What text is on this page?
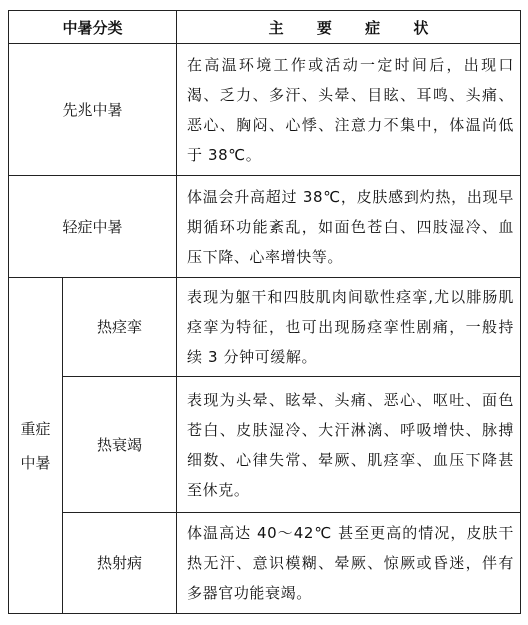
中暑分类		主 要 症 状
先兆中暑		在高温环境工作或活动一定时间后，出现口渴、乏力、多汗、头晕、目眩、耳鸣、头痛、恶心、胸闷、心悸、注意力不集中，体温尚低于 38℃。
轻症中暑		体温会升高超过 38℃，皮肤感到灼热，出现早期循环功能紊乱，如面色苍白、四肢湿冷、血压下降、心率增快等。

重症
中暑	热痉挛	表现为躯干和四肢肌肉间歇性痉挛,尤以腓肠肌痉挛为特征，也可出现肠痉挛性剧痛，一般持续 3 分钟可缓解。
	热衰竭	表现为头晕、眩晕、头痛、恶心、呕吐、面色苍白、皮肤湿冷、大汗淋漓、呼吸增快、脉搏细数、心律失常、晕厥、肌痉挛、血压下降甚至休克。
	热射病	体温高达 40～42℃ 甚至更高的情况，皮肤干热无汗、意识模糊、晕厥、惊厥或昏迷，伴有多器官功能衰竭。
